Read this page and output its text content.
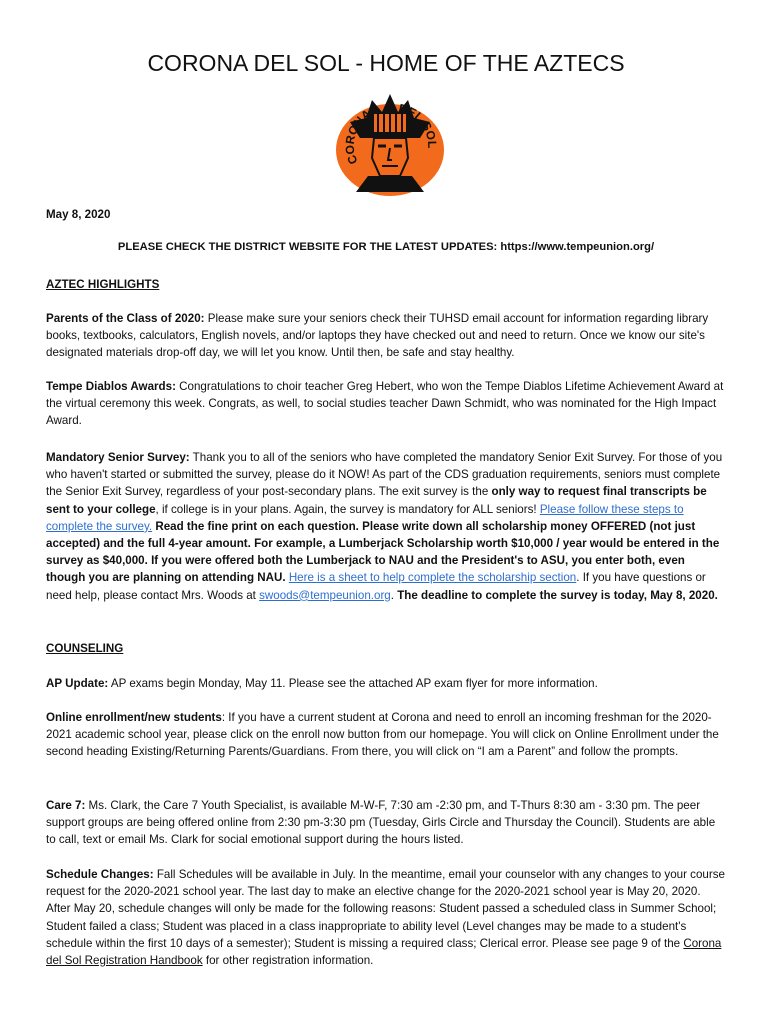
CORONA DEL SOL - HOME OF THE AZTECS
CORONA DEL SOL

May 8, 2020

PLEASE CHECK THE DISTRICT WEBSITE FOR THE LATEST UPDATES: https://www.tempeunion.org/

AZTEC HIGHLIGHTS

Parents of the Class of 2020: Please make sure your seniors check their TUHSD email account for information regarding library books, textbooks, calculators, English novels, and/or laptops they have checked out and need to return. Once we know our site's designated materials drop-off day, we will let you know. Until then, be safe and stay healthy.

Tempe Diablos Awards: Congratulations to choir teacher Greg Hebert, who won the Tempe Diablos Lifetime Achievement Award at the virtual ceremony this week. Congrats, as well, to social studies teacher Dawn Schmidt, who was nominated for the High Impact Award.

Mandatory Senior Survey: Thank you to all of the seniors who have completed the mandatory Senior Exit Survey. For those of you who haven't started or submitted the survey, please do it NOW! As part of the CDS graduation requirements, seniors must complete the Senior Exit Survey, regardless of your post-secondary plans. The exit survey is the only way to request final transcripts be sent to your college, if college is in your plans. Again, the survey is mandatory for ALL seniors! Please follow these steps to complete the survey. Read the fine print on each question. Please write down all scholarship money OFFERED (not just accepted) and the full 4-year amount. For example, a Lumberjack Scholarship worth $10,000 / year would be entered in the survey as $40,000. If you were offered both the Lumberjack to NAU and the President's to ASU, you enter both, even though you are planning on attending NAU. Here is a sheet to help complete the scholarship section. If you have questions or need help, please contact Mrs. Woods at swoods@tempeunion.org. The deadline to complete the survey is today, May 8, 2020.

COUNSELING

AP Update: AP exams begin Monday, May 11. Please see the attached AP exam flyer for more information.

Online enrollment/new students: If you have a current student at Corona and need to enroll an incoming freshman for the 2020-2021 academic school year, please click on the enroll now button from our homepage. You will click on Online Enrollment under the second heading Existing/Returning Parents/Guardians. From there, you will click on “I am a Parent” and follow the prompts.

Care 7: Ms. Clark, the Care 7 Youth Specialist, is available M-W-F, 7:30 am -2:30 pm, and T-Thurs 8:30 am - 3:30 pm. The peer support groups are being offered online from 2:30 pm-3:30 pm (Tuesday, Girls Circle and Thursday the Council). Students are able to call, text or email Ms. Clark for social emotional support during the hours listed.

Schedule Changes: Fall Schedules will be available in July. In the meantime, email your counselor with any changes to your course request for the 2020-2021 school year. The last day to make an elective change for the 2020-2021 school year is May 20, 2020. After May 20, schedule changes will only be made for the following reasons: Student passed a scheduled class in Summer School; Student failed a class; Student was placed in a class inappropriate to ability level (Level changes may be made to a student's schedule within the first 10 days of a semester); Student is missing a required class; Clerical error. Please see page 9 of the Corona del Sol Registration Handbook for other registration information.
